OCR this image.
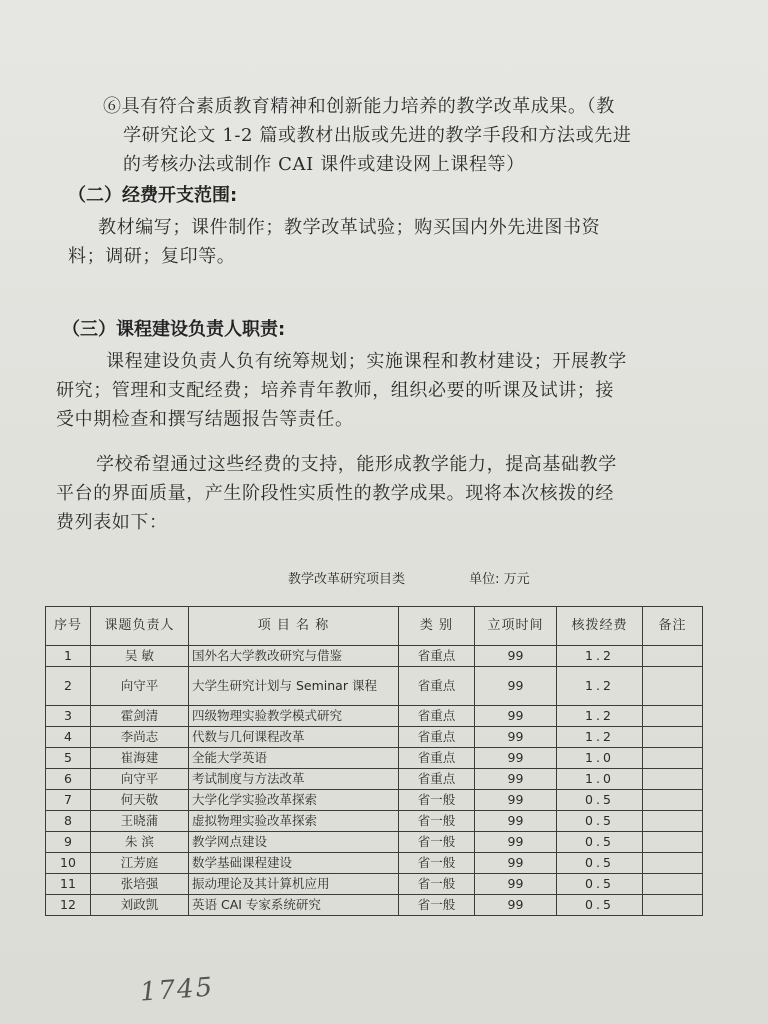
⑥具有符合素质教育精神和创新能力培养的教学改革成果。（教
学研究论文 1-2 篇或教材出版或先进的教学手段和方法或先进
的考核办法或制作 CAI 课件或建设网上课程等）
（二）经费开支范围:
教材编写；课件制作；教学改革试验；购买国内外先进图书资
料；调研；复印等。
（三）课程建设负责人职责:
课程建设负责人负有统筹规划；实施课程和教材建设；开展教学
研究；管理和支配经费；培养青年教师，组织必要的听课及试讲；接
受中期检查和撰写结题报告等责任。
学校希望通过这些经费的支持，能形成教学能力，提高基础教学
平台的界面质量，产生阶段性实质性的教学成果。现将本次核拨的经
费列表如下：
教学改革研究项目类	单位: 万元
序号	课题负责人	项 目 名 称	类 别	立项时间	核拨经费	备注
1	吴 敏	国外名大学教改研究与借鉴	省重点	99	1.2	
2	向守平	大学生研究计划与 Seminar 课程	省重点	99	1.2	
3	霍剑清	四级物理实验教学模式研究	省重点	99	1.2	
4	李尚志	代数与几何课程改革	省重点	99	1.2	
5	崔海建	全能大学英语	省重点	99	1.0	
6	向守平	考试制度与方法改革	省重点	99	1.0	
7	何天敬	大学化学实验改革探索	省一般	99	0.5	
8	王晓蒲	虚拟物理实验改革探索	省一般	99	0.5	
9	朱 滨	教学网点建设	省一般	99	0.5	
10	江芳庭	数学基础课程建设	省一般	99	0.5	
11	张培强	振动理论及其计算机应用	省一般	99	0.5	
12	刘政凯	英语 CAI 专家系统研究	省一般	99	0.5	
1745
